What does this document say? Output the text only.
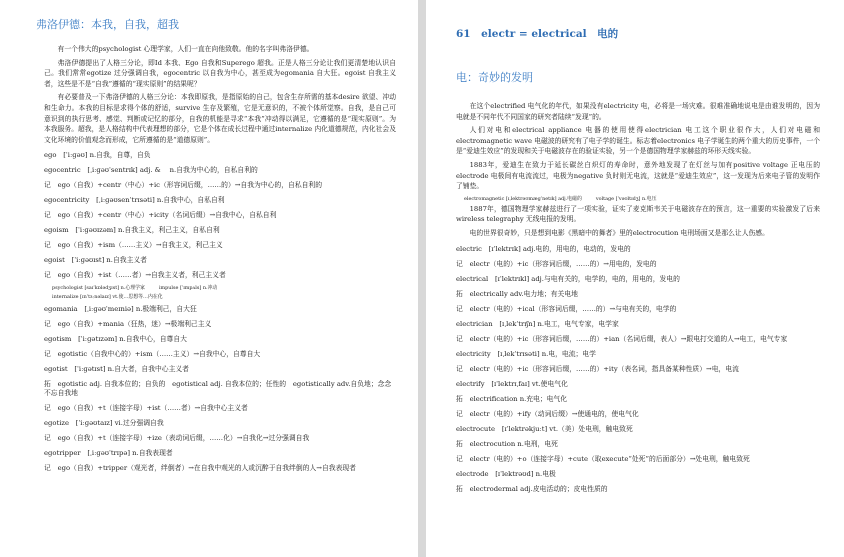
弗洛伊德：本我，自我，超我

有一个伟大的psychologist 心理学家，人们一直在向他致敬。他的名字叫弗洛伊德。

弗洛伊德提出了人格三分论，即Id 本我、Ego 自我和Superego 超我。正是人格三分论让我们更清楚地认识自己。我们常常egotize 过分强调自我，egocentric 以自我为中心，甚至成为egomania 自大狂。egoist 自我主义者，这些是不是“自我”遵循的“现实原则”的结果呢？

有必要普及一下弗洛伊德的人格三分论：本我即原我，是指原始的自己，包含生存所需的基本desire 欲望、冲动和生命力。本我的目标是求得个体的舒适，survive 生存及繁殖，它是无意识的，不被个体所觉察。自我，是自己可意识到的执行思考、感觉、判断或记忆的部分，自我的机能是寻求“本我”冲动得以满足，它遵循的是“现实原则”。为本我服务。超我，是人格结构中代表理想的部分，它是个体在成长过程中通过internalize 内化道德规范，内化社会及文化环境的价值观念而形成，它所遵循的是“道德原则”。

ego　[ˈiːɡəʊ] n.自我，自尊，自负
egocentric　[ˌiːɡəʊˈsentrɪk] adj. & 　n.自我为中心的，自私自利的
记　ego（自我）+centr（中心）+ic（形容词后缀，……的）→自我为中心的，自私自利的
egocentricity　[ˌiːɡəʊsenˈtrɪsəti] n.自我中心，自私自利
记　ego（自我）+centr（中心）+icity（名词后缀）→自我中心，自私自利
egoism　[ˈiːɡəʊɪzəm] n.自我主义，利己主义，自私自利
记　ego（自我）+ism（……主义）→自我主义，利己主义
egoist　[ˈiːɡəʊɪst] n.自我主义者
记　ego（自我）+ist（……者）→自我主义者，利己主义者
psychologist [saɪˈkɒlədʒɪst] n.心理学家	impulse [ˈɪmpʌls] n.冲动
internalize [ɪnˈtɜːnəlaɪz] vt.使…思想等…内在化
egomania　[ˌiːɡəʊˈmeɪniə] n.极端利己，自大狂
记　ego（自我）+mania（狂热，迷）→极端利己主义
egotism　[ˈiːɡətɪzəm] n.自我中心，自尊自大
记　egotistic（自我中心的）+ism（……主义）→自我中心，自尊自大
egotist　[ˈiːɡətɪst] n.自大者，自我中心主义者
拓　egotistic adj. 自我本位的；自负的　egotistical adj. 自我本位的；任性的　egotistically adv.自负地；念念不忘自我地
记　ego（自我）+t（连接字母）+ist（……者）→自我中心主义者
egotize　[ˈiːɡəʊtaɪz] vi.过分强调自我
记　ego（自我）+t（连接字母）+ize（表动词后缀，……化）→自我化→过分强调自我
egotripper　[ˌiːɡəʊˈtrɪpə] n.自我表现者
记　ego（自我）+tripper（观光者，绊倒者）→在自我中观光的人或沉醉于自我绊倒的人→自我表现者
61　electr = electrical　电的
电：奇妙的发明

在这个electrified 电气化的年代，如果没有electricity 电，必将是一场灾难。很难准确地说电是由谁发明的，因为电就是不同年代不同国家的研究者陆续“发现”的。

人们对电和electrical appliance 电器的使用使得electrician 电工这个职业很作大，人们对电磁和electromagnetic wave 电磁波的研究有了电子学的诞生。标志着electronics 电子学诞生的两个重大的历史事件，一个是“爱迪生效应”的发现和关于电磁波存在的验证实验，另一个是德国物理学家赫兹的环形天线实验。

1883年，爱迪生在致力于延长碳丝白炽灯的寿命时，意外地发现了在灯丝与加有positive voltage 正电压的electrode 电极间有电流流过，电极为negative 负时则无电流，这就是“爱迪生效应”，这一发现为后来电子管的发明作了铺垫。

electromagnetic [ɪˌlektrəʊmæɡˈnetɪk] adj.电磁的	voltage [ˈvəʊltɪdʒ] n.电压

1887年，德国物理学家赫兹进行了一项实验，证实了麦克斯韦关于电磁波存在的预言，这一重要的实验激发了后来wireless telegraphy 无线电报的发明。

电的世界很奇妙，只是想到电影《黑暗中的舞者》里的electrocution 电刑场面又是那么让人伤感。

electric　[ɪˈlektrɪk] adj.电的，用电的，电动的，发电的
记　electr（电的）+ic（形容词后缀，……的）→用电的，发电的
electrical　[ɪˈlektrɪkl] adj.与电有关的，电学的，电的，用电的，发电的
拓　electrically adv.电力地；有关电地
记　electr（电的）+ical（形容词后缀，……的）→与电有关的，电学的
electrician　[ɪˌlekˈtrɪʃn] n.电工，电气专家，电学家
记　electr（电的）+ic（形容词后缀，……的）+ian（名词后缀，表人）→跟电打交道的人→电工，电气专家
electricity　[ɪˌlekˈtrɪsəti] n.电，电流；电学
记　electr（电的）+ic（形容词后缀，……的）+ity（表名词，指具备某种性质）→电，电流
electrify　[ɪˈlektrɪˌfaɪ] vt.使电气化
拓　electrification n.充电；电气化
记　electr（电的）+ify（动词后缀）→使通电的，使电气化
electrocute　[ɪˈlektrəkjuːt] vt.（美）处电刑，触电致死
拓　electrocution n.电刑，电死
记　electr（电的）+o（连接字母）+cute（取execute“处死”的后面部分）→处电刑，触电致死
electrode　[ɪˈlektrəʊd] n.电极
拓　electrodermal adj.皮电活动的；皮电性质的
